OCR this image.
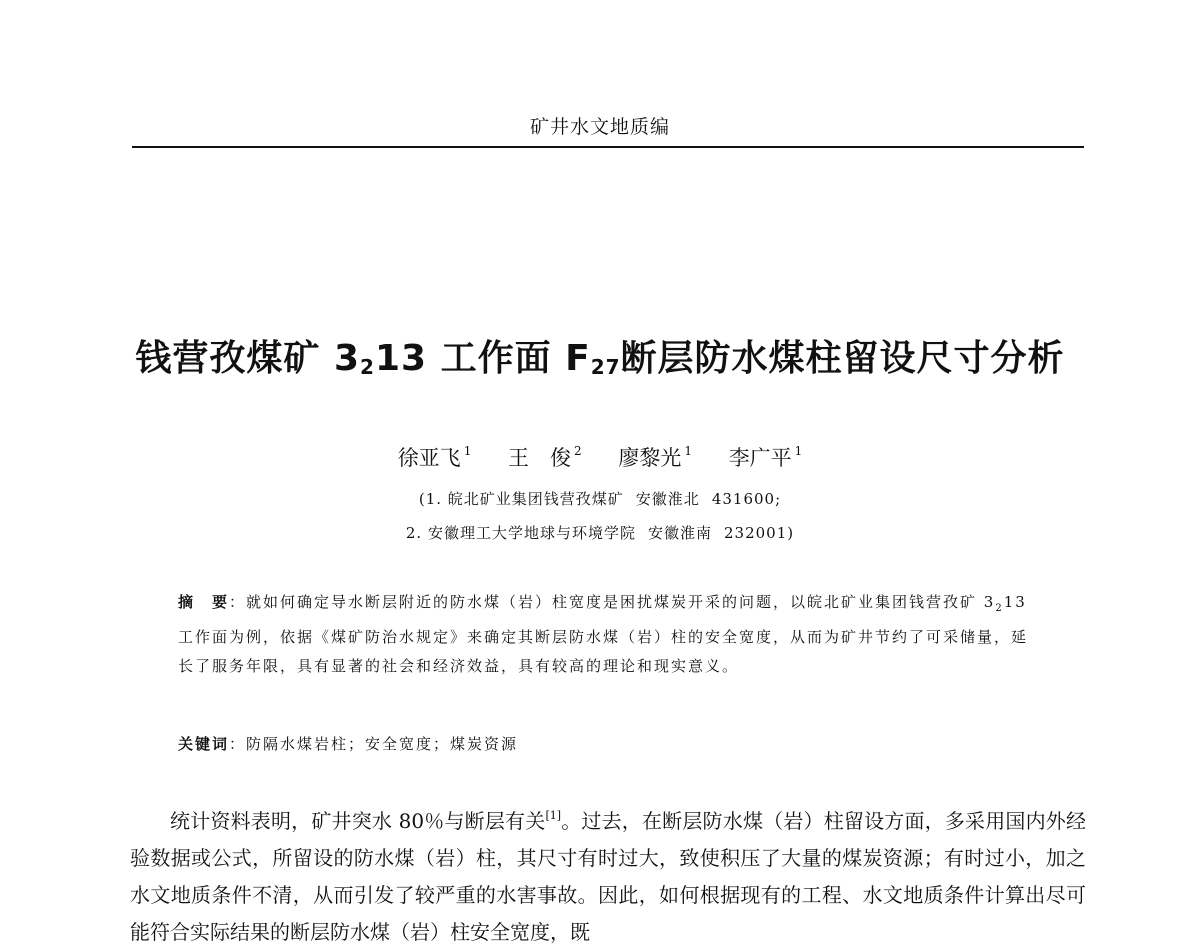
矿井水文地质编
钱营孜煤矿 $3_213$ 工作面 $F_{27}$断层防水煤柱留设尺寸分析
徐亚飞 $^1$ 王　俊 $^2$ 廖黎光 $^1$ 李广平 $^1$
(1. 皖北矿业集团钱营孜煤矿 安徽淮北 431600;
2. 安徽理工大学地球与环境学院 安徽淮南 232001)

摘　要：就如何确定导水断层附近的防水煤（岩）柱宽度是困扰煤炭开采的问题，以皖北矿业集团钱营孜矿 $3_213$ 工作面为例，依据《煤矿防治水规定》来确定其断层防水煤（岩）柱的安全宽度，从而为矿井节约了可采储量，延长了服务年限，具有显著的社会和经济效益，具有较高的理论和现实意义。

关键词：防隔水煤岩柱；安全宽度；煤炭资源

统计资料表明，矿井突水 80％与断层有关[1]。过去，在断层防水煤（岩）柱留设方面，多采用国内外经验数据或公式，所留设的防水煤（岩）柱，其尺寸有时过大，致使积压了大量的煤炭资源；有时过小，加之水文地质条件不清，从而引发了较严重的水害事故。因此，如何根据现有的工程、水文地质条件计算出尽可能符合实际结果的断层防水煤（岩）柱安全宽度，既
